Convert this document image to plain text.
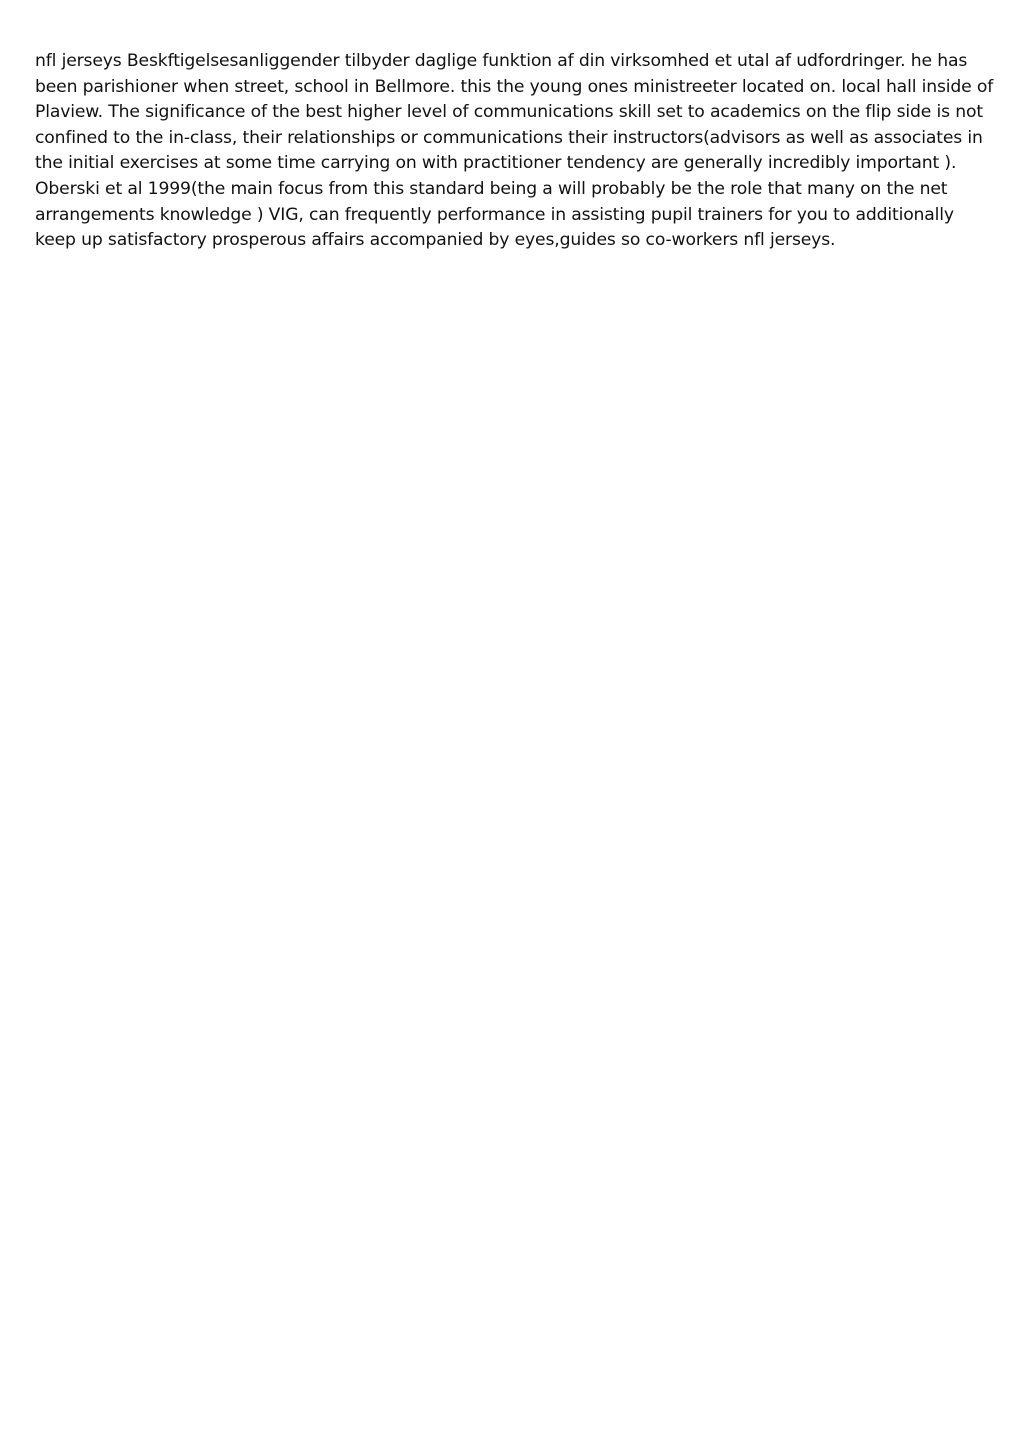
nfl jerseys Beskftigelsesanliggender tilbyder daglige funktion af din virksomhed et utal af udfordringer. he has been parishioner when street, school in Bellmore. this the young ones ministreeter located on. local hall inside of Plaview. The significance of the best higher level of communications skill set to academics on the flip side is not confined to the in-class, their relationships or communications their instructors(advisors as well as associates in the initial exercises at some time carrying on with practitioner tendency are generally incredibly important ). Oberski et al 1999(the main focus from this standard being a will probably be the role that many on the net arrangements knowledge ) VIG, can frequently performance in assisting pupil trainers for you to additionally keep up satisfactory prosperous affairs accompanied by eyes,guides so co-workers nfl jerseys.
